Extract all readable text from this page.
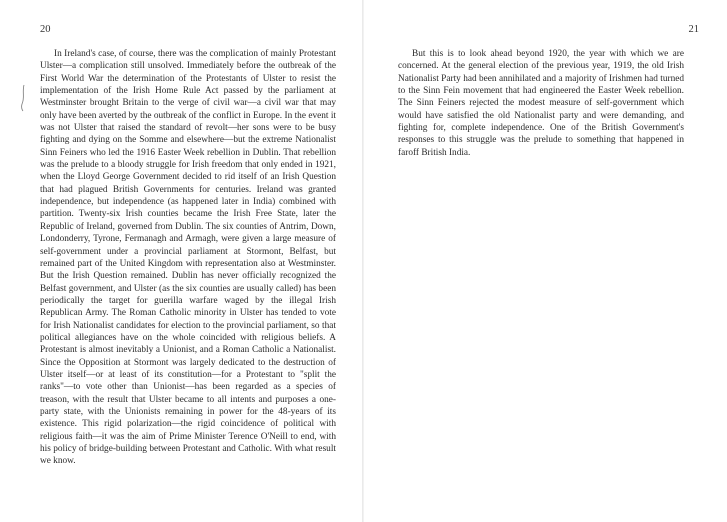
20

In Ireland's case, of course, there was the complication of mainly Protestant Ulster—a complication still unsolved. Immediately before the outbreak of the First World War the determination of the Protestants of Ulster to resist the implementation of the Irish Home Rule Act passed by the parliament at Westminster brought Britain to the verge of civil war—a civil war that may only have been averted by the outbreak of the conflict in Europe. In the event it was not Ulster that raised the standard of revolt—her sons were to be busy fighting and dying on the Somme and elsewhere—but the extreme Nationalist Sinn Feiners who led the 1916 Easter Week rebellion in Dublin. That rebellion was the prelude to a bloody struggle for Irish freedom that only ended in 1921, when the Lloyd George Government decided to rid itself of an Irish Question that had plagued British Governments for centuries. Ireland was granted independence, but independence (as happened later in India) combined with partition. Twenty-six Irish counties became the Irish Free State, later the Republic of Ireland, governed from Dublin. The six counties of Antrim, Down, Londonderry, Tyrone, Fermanagh and Armagh, were given a large measure of self-government under a provincial parliament at Stormont, Belfast, but remained part of the United Kingdom with representation also at Westminster. But the Irish Question remained. Dublin has never officially recognized the Belfast government, and Ulster (as the six counties are usually called) has been periodically the target for guerilla warfare waged by the illegal Irish Republican Army. The Roman Catholic minority in Ulster has tended to vote for Irish Nationalist candidates for election to the provincial parliament, so that political allegiances have on the whole coincided with religious beliefs. A Protestant is almost inevitably a Unionist, and a Roman Catholic a Nationalist. Since the Opposition at Stormont was largely dedicated to the destruction of Ulster itself—or at least of its constitution—for a Protestant to "split the ranks"—to vote other than Unionist—has been regarded as a species of treason, with the result that Ulster became to all intents and purposes a one-party state, with the Unionists remaining in power for the 48-years of its existence. This rigid polarization—the rigid coincidence of political with religious faith—it was the aim of Prime Minister Terence O'Neill to end, with his policy of bridge-building between Protestant and Catholic. With what result we know.

21

But this is to look ahead beyond 1920, the year with which we are concerned. At the general election of the previous year, 1919, the old Irish Nationalist Party had been annihilated and a majority of Irishmen had turned to the Sinn Fein movement that had engineered the Easter Week rebellion. The Sinn Feiners rejected the modest measure of self-government which would have satisfied the old Nationalist party and were demanding, and fighting for, complete independence. One of the British Government's responses to this struggle was the prelude to something that happened in faroff British India.
